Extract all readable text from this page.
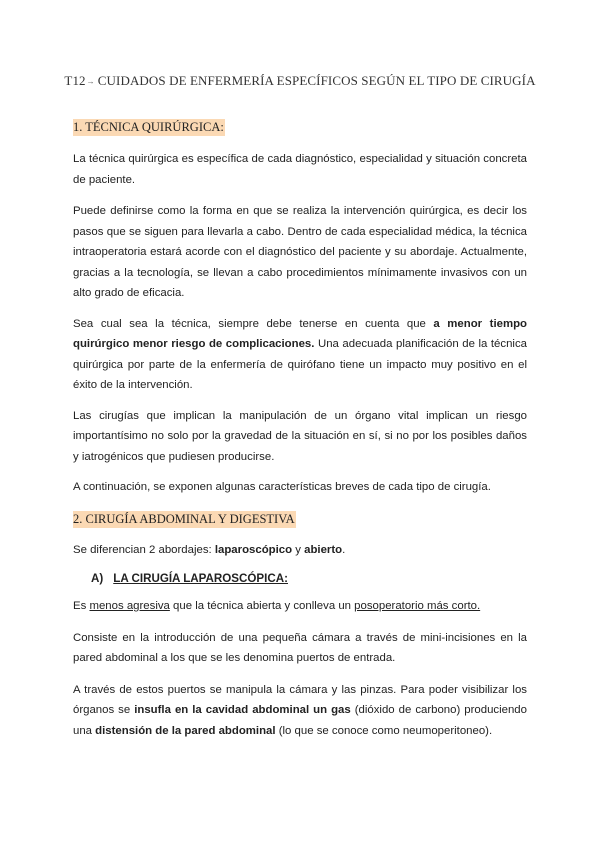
T12→ CUIDADOS DE ENFERMERÍA ESPECÍFICOS SEGÚN EL TIPO DE CIRUGÍA
1. TÉCNICA QUIRÚRGICA:

La técnica quirúrgica es específica de cada diagnóstico, especialidad y situación concreta de paciente.

Puede definirse como la forma en que se realiza la intervención quirúrgica, es decir los pasos que se siguen para llevarla a cabo. Dentro de cada especialidad médica, la técnica intraoperatoria estará acorde con el diagnóstico del paciente y su abordaje. Actualmente, gracias a la tecnología, se llevan a cabo procedimientos mínimamente invasivos con un alto grado de eficacia.

Sea cual sea la técnica, siempre debe tenerse en cuenta que a menor tiempo quirúrgico menor riesgo de complicaciones. Una adecuada planificación de la técnica quirúrgica por parte de la enfermería de quirófano tiene un impacto muy positivo en el éxito de la intervención.

Las cirugías que implican la manipulación de un órgano vital implican un riesgo importantísimo no solo por la gravedad de la situación en sí, si no por los posibles daños y iatrogénicos que pudiesen producirse.

A continuación, se exponen algunas características breves de cada tipo de cirugía.

2. CIRUGÍA ABDOMINAL Y DIGESTIVA

Se diferencian 2 abordajes: laparoscópico y abierto.

A) LA CIRUGÍA LAPAROSCÓPICA:

Es menos agresiva que la técnica abierta y conlleva un posoperatorio más corto.

Consiste en la introducción de una pequeña cámara a través de mini-incisiones en la pared abdominal a los que se les denomina puertos de entrada.

A través de estos puertos se manipula la cámara y las pinzas. Para poder visibilizar los órganos se insufla en la cavidad abdominal un gas (dióxido de carbono) produciendo una distensión de la pared abdominal (lo que se conoce como neumoperitoneo).
